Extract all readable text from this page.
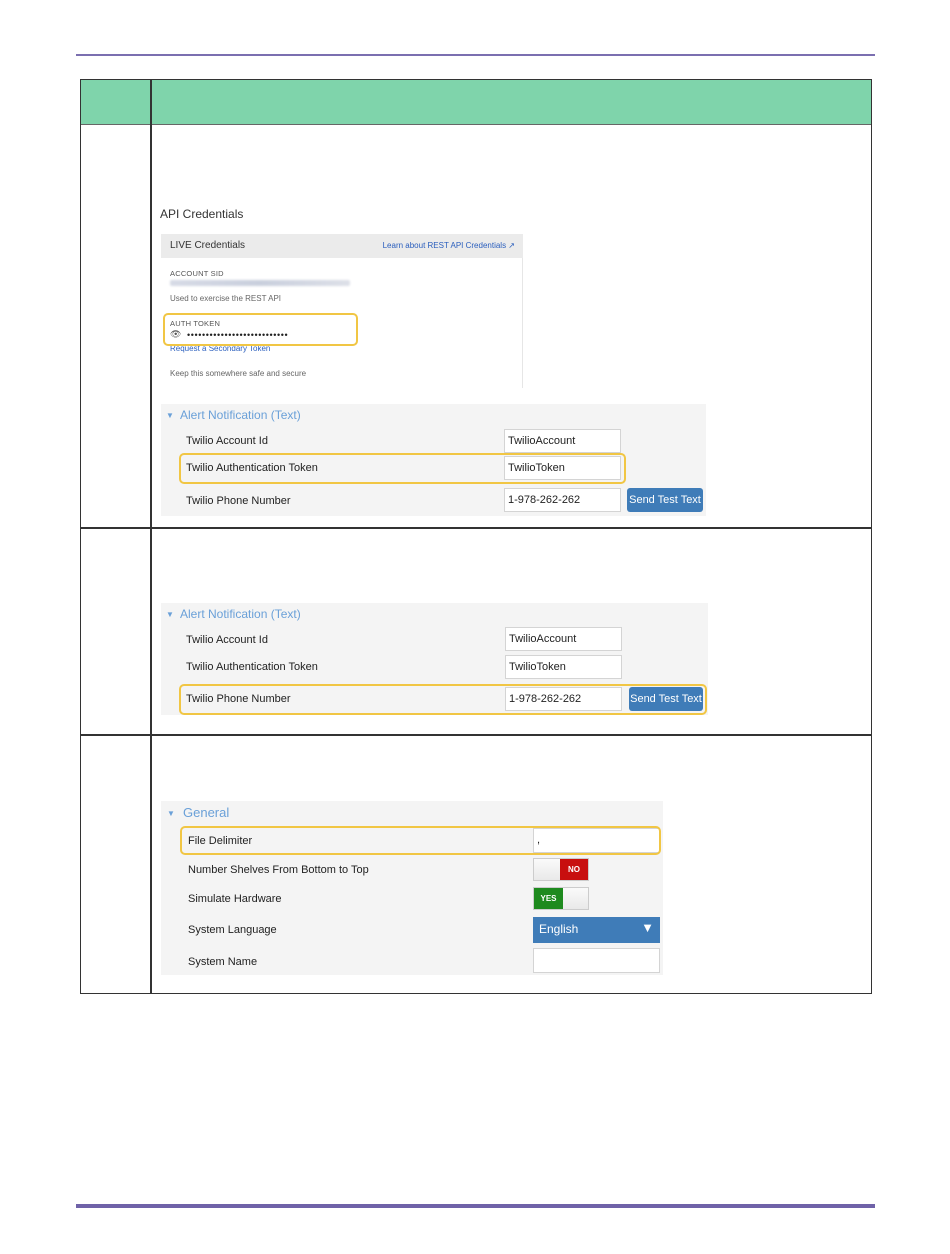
API Credentials
LIVE Credentials	Learn about REST API Credentials ↗
ACCOUNT SID
Used to exercise the REST API
AUTH TOKEN
👁 •••••••••••••••••••••••••••
Request a Secondary Token
Keep this somewhere safe and secure
▼ Alert Notification (Text)
Twilio Account Id	TwilioAccount
Twilio Authentication Token	TwilioToken
Twilio Phone Number	1-978-262-262	Send Test Text
▼ Alert Notification (Text)
Twilio Account Id	TwilioAccount
Twilio Authentication Token	TwilioToken
Twilio Phone Number	1-978-262-262	Send Test Text
▼ General
File Delimiter	,
Number Shelves From Bottom to Top	NO
Simulate Hardware	YES
System Language	English	▼
System Name
